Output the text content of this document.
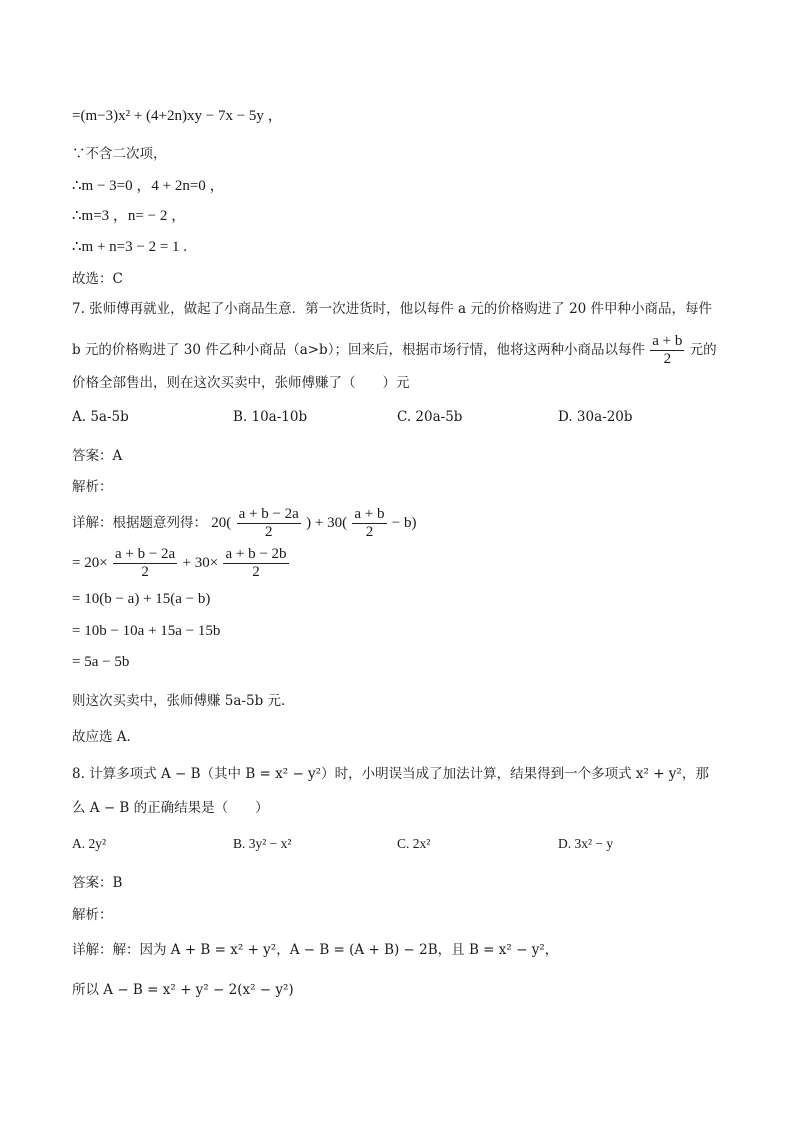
=(m−3)x² + (4+2n)xy − 7x − 5y ，
∵不含二次项，
∴m − 3=0 ，4 + 2n=0 ，
∴m=3 ，n= − 2 ，
∴m + n=3 − 2 = 1 .
故选：C
7. 张师傅再就业，做起了小商品生意．第一次进货时，他以每件 a 元的价格购进了 20 件甲种小商品，每件
b 元的价格购进了 30 件乙种小商品（a>b）；回来后，根据市场行情，他将这两种小商品以每件 $\frac{a + b}{2}$ 元的
价格全部售出，则在这次买卖中，张师傅赚了（　　）元
A. 5a-5b	B. 10a-10b	C. 20a-5b	D. 30a-20b
答案：A
解析：
详解：根据题意列得： $20( \frac{a + b - 2a}{2}$ ) + $30( \frac{a + b}{2} - b)$
= $20\times \frac{a + b - 2a}{2} + 30\times \frac{a + b - 2b}{2}$
= 10(b − a) + 15(a − b)
= 10b − 10a + 15a − 15b
= 5a − 5b
则这次买卖中，张师傅赚 5a-5b 元．
故应选 A．
8. 计算多项式 A − B（其中 B = x² − y²）时，小明误当成了加法计算，结果得到一个多项式 x² + y²，那
么 A − B 的正确结果是（　　）
A. 2y²	B. 3y² − x²	C. 2x²	D. 3x² − y
答案：B
解析：
详解：解：因为 A + B = x² + y²，A − B = (A + B) − 2B，且 B = x² − y²，
所以 A − B = x² + y² − 2(x² − y²)
